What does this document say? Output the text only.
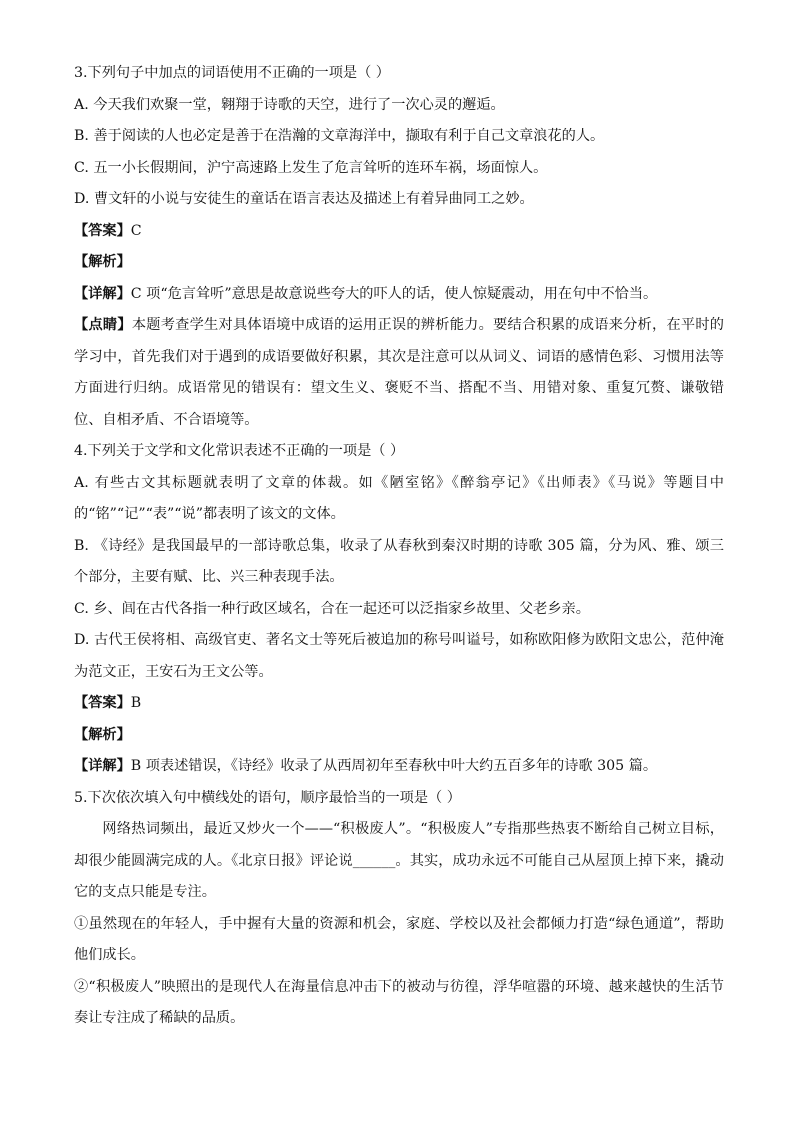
3.下列句子中加点的词语使用不正确的一项是（ ）
A. 今天我们欢聚一堂，翱翔于诗歌的天空，进行了一次心灵的邂逅。
B. 善于阅读的人也必定是善于在浩瀚的文章海洋中，撷取有利于自己文章浪花的人。
C. 五一小长假期间，沪宁高速路上发生了危言耸听的连环车祸，场面惊人。
D. 曹文轩的小说与安徒生的童话在语言表达及描述上有着异曲同工之妙。
【答案】C
【解析】
【详解】C 项“危言耸听”意思是故意说些夸大的吓人的话，使人惊疑震动，用在句中不恰当。
【点睛】本题考查学生对具体语境中成语的运用正误的辨析能力。要结合积累的成语来分析，在平时的学习中，首先我们对于遇到的成语要做好积累，其次是注意可以从词义、词语的感情色彩、习惯用法等方面进行归纳。成语常见的错误有：望文生义、褒贬不当、搭配不当、用错对象、重复冗赘、谦敬错位、自相矛盾、不合语境等。
4.下列关于文学和文化常识表述不正确的一项是（ ）
A. 有些古文其标题就表明了文章的体裁。如《陋室铭》《醉翁亭记》《出师表》《马说》等题目中的“铭”“记”“表”“说”都表明了该文的文体。
B. 《诗经》是我国最早的一部诗歌总集，收录了从春秋到秦汉时期的诗歌 305 篇，分为风、雅、颂三个部分，主要有赋、比、兴三种表现手法。
C. 乡、闾在古代各指一种行政区域名，合在一起还可以泛指家乡故里、父老乡亲。
D. 古代王侯将相、高级官吏、著名文士等死后被追加的称号叫谥号，如称欧阳修为欧阳文忠公，范仲淹为范文正，王安石为王文公等。
【答案】B
【解析】
【详解】B 项表述错误，《诗经》收录了从西周初年至春秋中叶大约五百多年的诗歌 305 篇。
5.下次依次填入句中横线处的语句，顺序最恰当的一项是（ ）
网络热词频出，最近又炒火一个——“积极废人”。“积极废人”专指那些热衷不断给自己树立目标，却很少能圆满完成的人。《北京日报》评论说______。其实，成功永远不可能自己从屋顶上掉下来，撬动它的支点只能是专注。
①虽然现在的年轻人，手中握有大量的资源和机会，家庭、学校以及社会都倾力打造“绿色通道”，帮助他们成长。
②“积极废人”映照出的是现代人在海量信息冲击下的被动与彷徨，浮华喧嚣的环境、越来越快的生活节奏让专注成了稀缺的品质。
